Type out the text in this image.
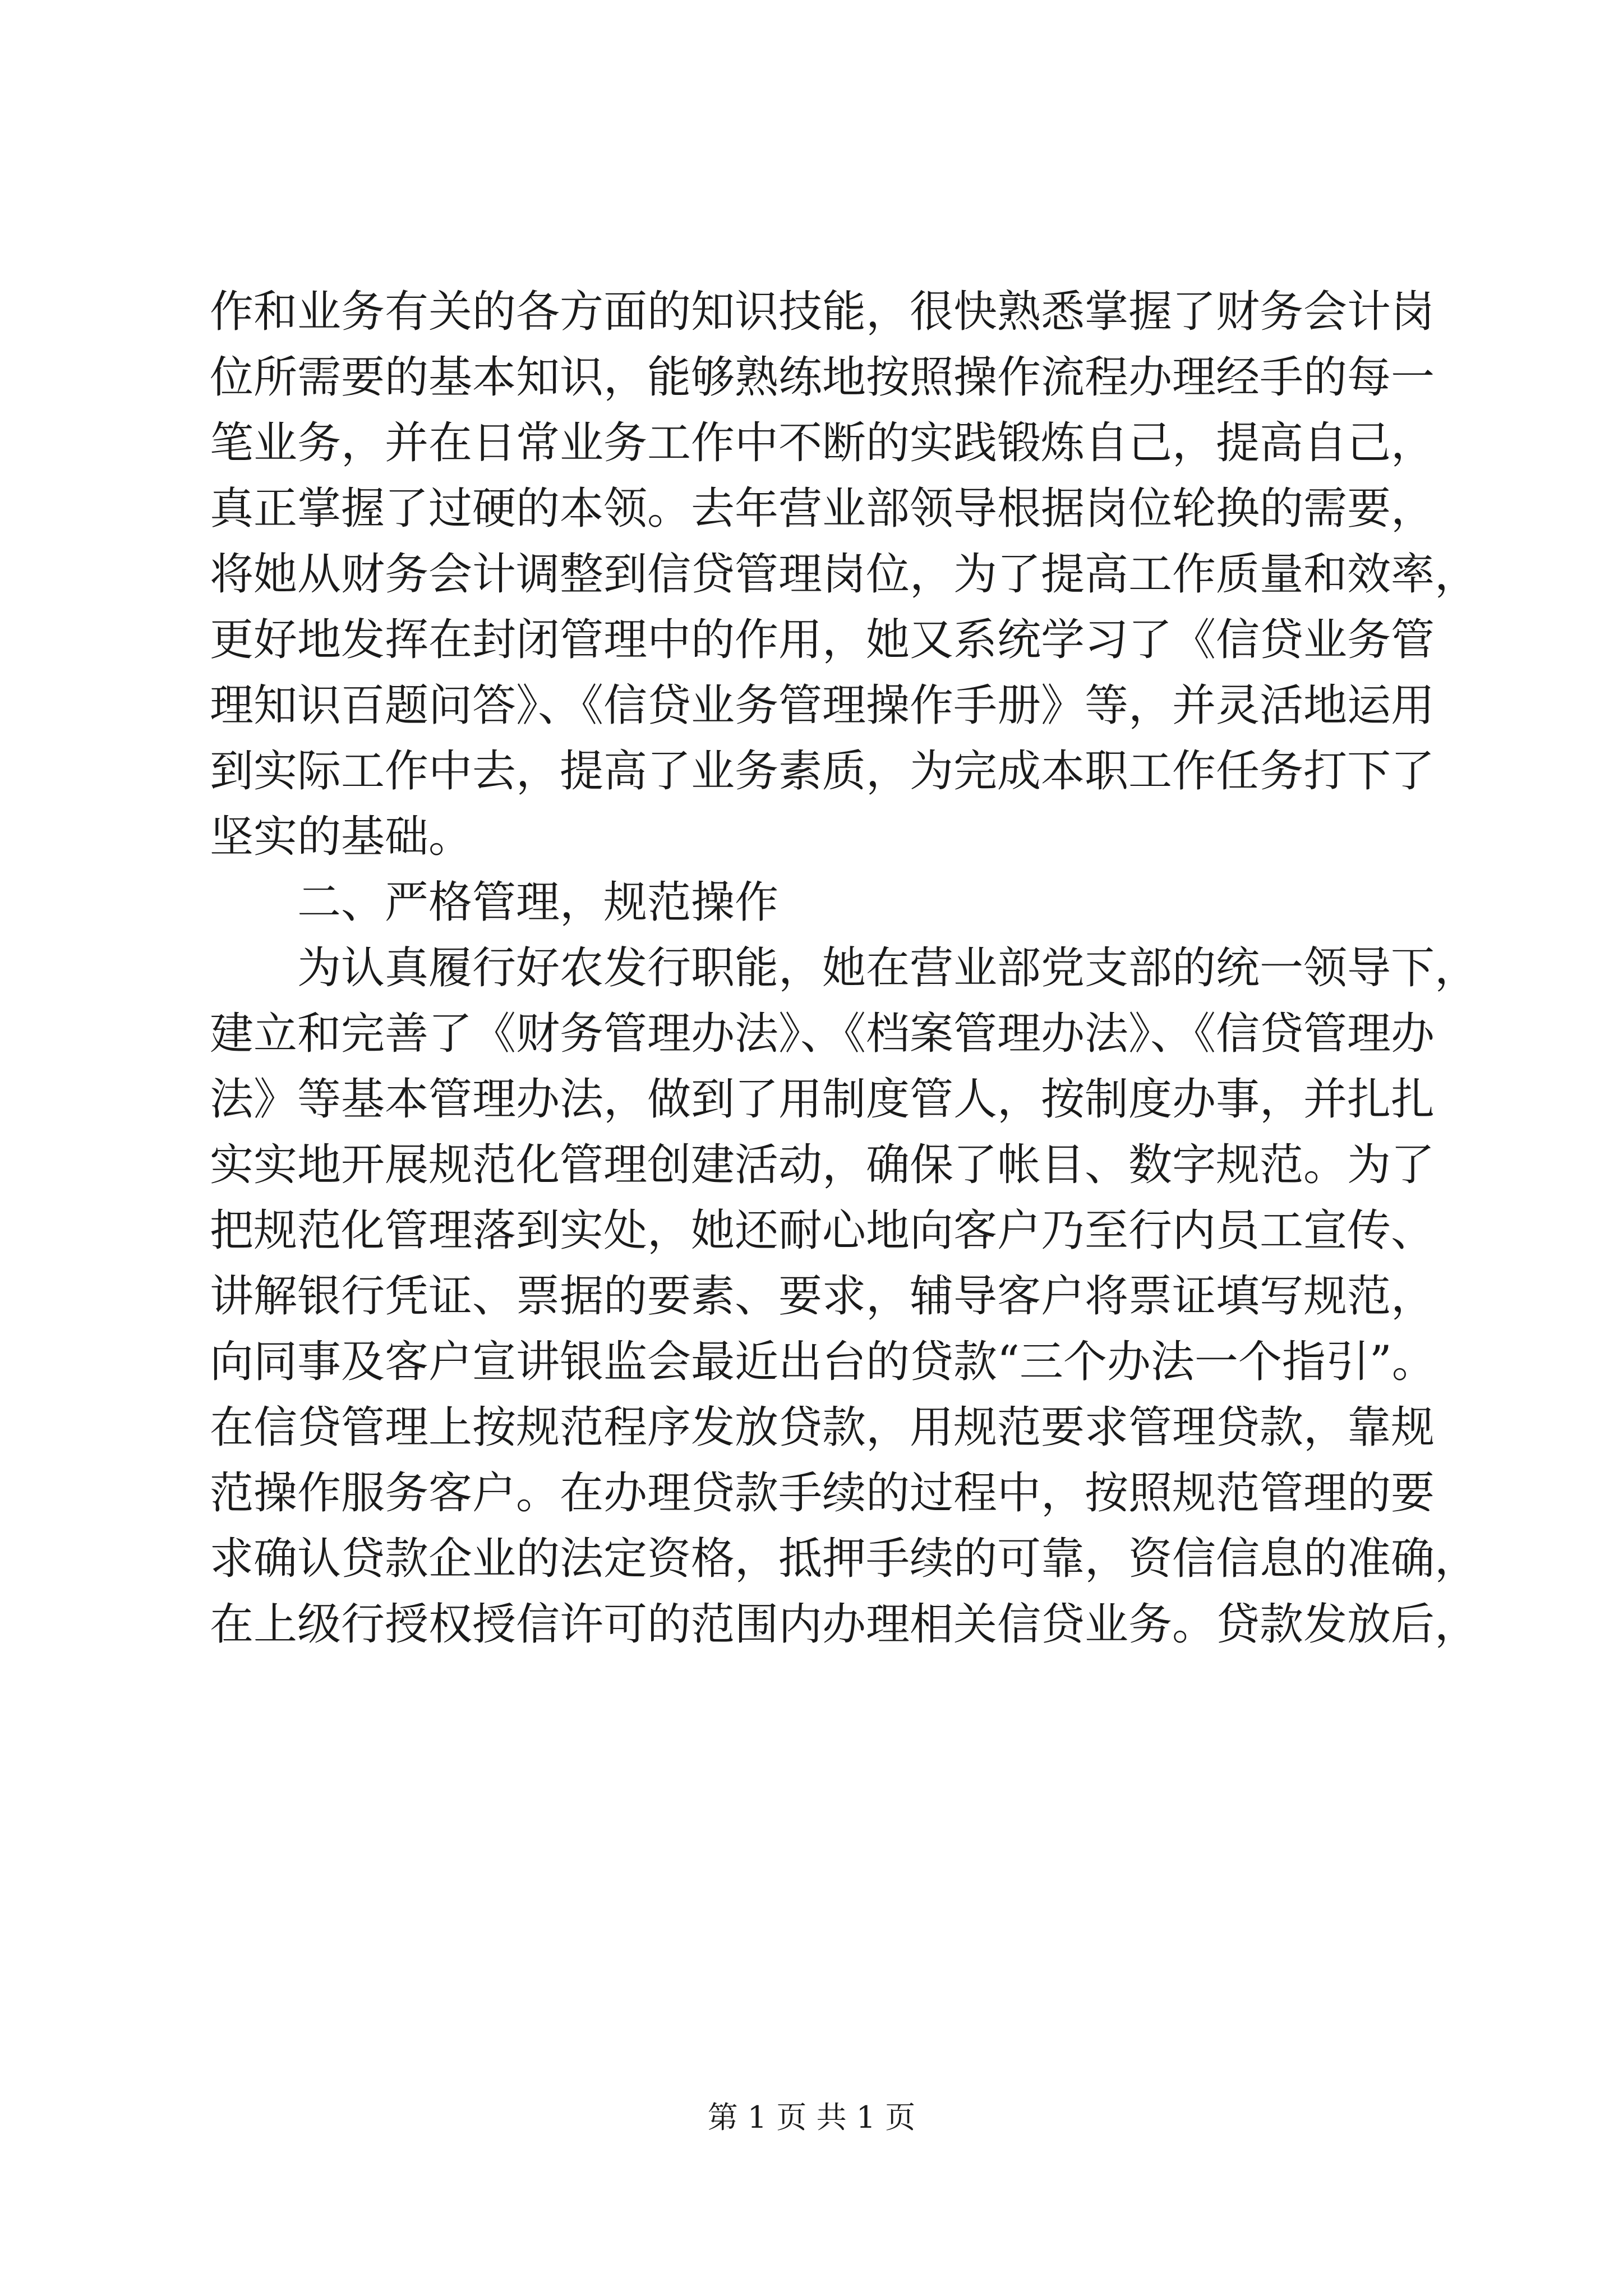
作和业务有关的各方面的知识技能，很快熟悉掌握了财务会计岗
位所需要的基本知识，能够熟练地按照操作流程办理经手的每一
笔业务，并在日常业务工作中不断的实践锻炼自己，提高自己，
真正掌握了过硬的本领。去年营业部领导根据岗位轮换的需要，
将她从财务会计调整到信贷管理岗位，为了提高工作质量和效率，
更好地发挥在封闭管理中的作用，她又系统学习了《信贷业务管
理知识百题问答》、《信贷业务管理操作手册》等，并灵活地运用
到实际工作中去，提高了业务素质，为完成本职工作任务打下了
坚实的基础。
二、严格管理，规范操作
为认真履行好农发行职能，她在营业部党支部的统一领导下，
建立和完善了《财务管理办法》、《档案管理办法》、《信贷管理办
法》等基本管理办法，做到了用制度管人，按制度办事，并扎扎
实实地开展规范化管理创建活动，确保了帐目、数字规范。为了
把规范化管理落到实处，她还耐心地向客户乃至行内员工宣传、
讲解银行凭证、票据的要素、要求，辅导客户将票证填写规范，
向同事及客户宣讲银监会最近出台的贷款“三个办法一个指引”。
在信贷管理上按规范程序发放贷款，用规范要求管理贷款，靠规
范操作服务客户。在办理贷款手续的过程中，按照规范管理的要
求确认贷款企业的法定资格，抵押手续的可靠，资信信息的准确，
在上级行授权授信许可的范围内办理相关信贷业务。贷款发放后，
第 1 页 共 1 页
